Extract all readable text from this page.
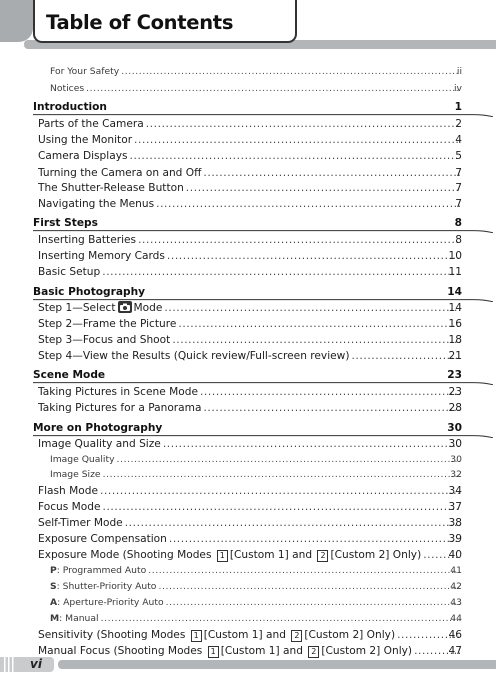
Table of Contents
For Your Safety .....	ii
Notices .....	iv
Introduction	1
Parts of the Camera .....	2
Using the Monitor .....	4
Camera Displays .....	5
Turning the Camera on and Off .....	7
The Shutter-Release Button .....	7
Navigating the Menus .....	7
First Steps	8
Inserting Batteries .....	8
Inserting Memory Cards .....	10
Basic Setup .....	11
Basic Photography	14
Step 1—Select Mode .....	14
Step 2—Frame the Picture .....	16
Step 3—Focus and Shoot .....	18
Step 4—View the Results (Quick review/Full-screen review) .....	21
Scene Mode	23
Taking Pictures in Scene Mode .....	23
Taking Pictures for a Panorama .....	28
More on Photography	30
Image Quality and Size .....	30
Image Quality .....	30
Image Size .....	32
Flash Mode .....	34
Focus Mode .....	37
Self-Timer Mode .....	38
Exposure Compensation .....	39
Exposure Mode (Shooting Modes 1 [Custom 1] and 2 [Custom 2] Only) .....	40
P: Programmed Auto .....	41
S: Shutter-Priority Auto .....	42
A: Aperture-Priority Auto .....	43
M: Manual .....	44
Sensitivity (Shooting Modes 1 [Custom 1] and 2 [Custom 2] Only) .....	46
Manual Focus (Shooting Modes 1 [Custom 1] and 2 [Custom 2] Only) .....	47
vi
